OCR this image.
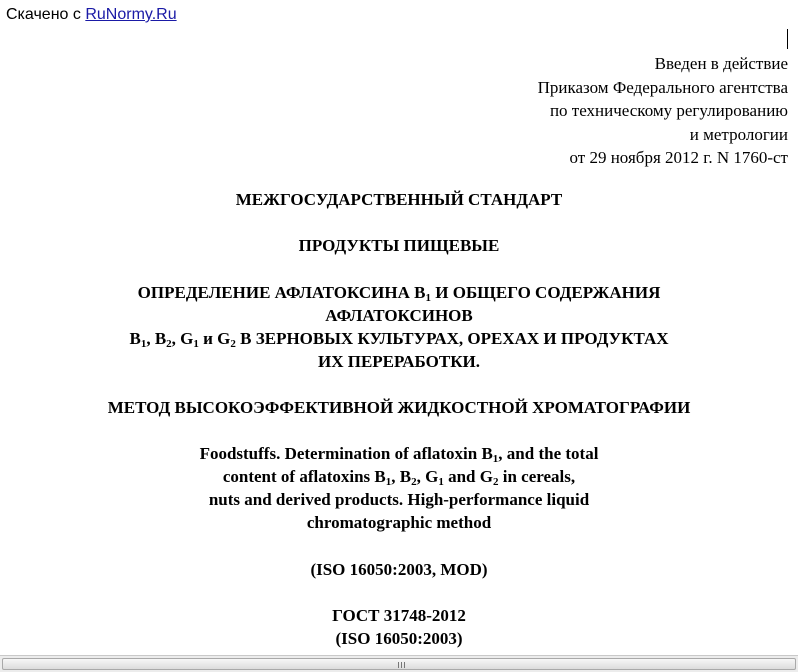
Скачено с RuNormy.Ru
Введен в действие
Приказом Федерального агентства
по техническому регулированию
и метрологии
от 29 ноября 2012 г. N 1760-ст
МЕЖГОСУДАРСТВЕННЫЙ СТАНДАРТ
ПРОДУКТЫ ПИЩЕВЫЕ
ОПРЕДЕЛЕНИЕ АФЛАТОКСИНА $B_1$ И ОБЩЕГО СОДЕРЖАНИЯ
АФЛАТОКСИНОВ
$B_1$, $B_2$, $G_1$ и $G_2$ В ЗЕРНОВЫХ КУЛЬТУРАХ, ОРЕХАХ И ПРОДУКТАХ
ИХ ПЕРЕРАБОТКИ.
МЕТОД ВЫСОКОЭФФЕКТИВНОЙ ЖИДКОСТНОЙ ХРОМАТОГРАФИИ
Foodstuffs. Determination of aflatoxin $B_1$, and the total
content of aflatoxins $B_1$, $B_2$, $G_1$ and $G_2$ in cereals,
nuts and derived products. High-performance liquid
chromatographic method
(ISO 16050:2003, MOD)
ГОСТ 31748-2012
(ISO 16050:2003)
